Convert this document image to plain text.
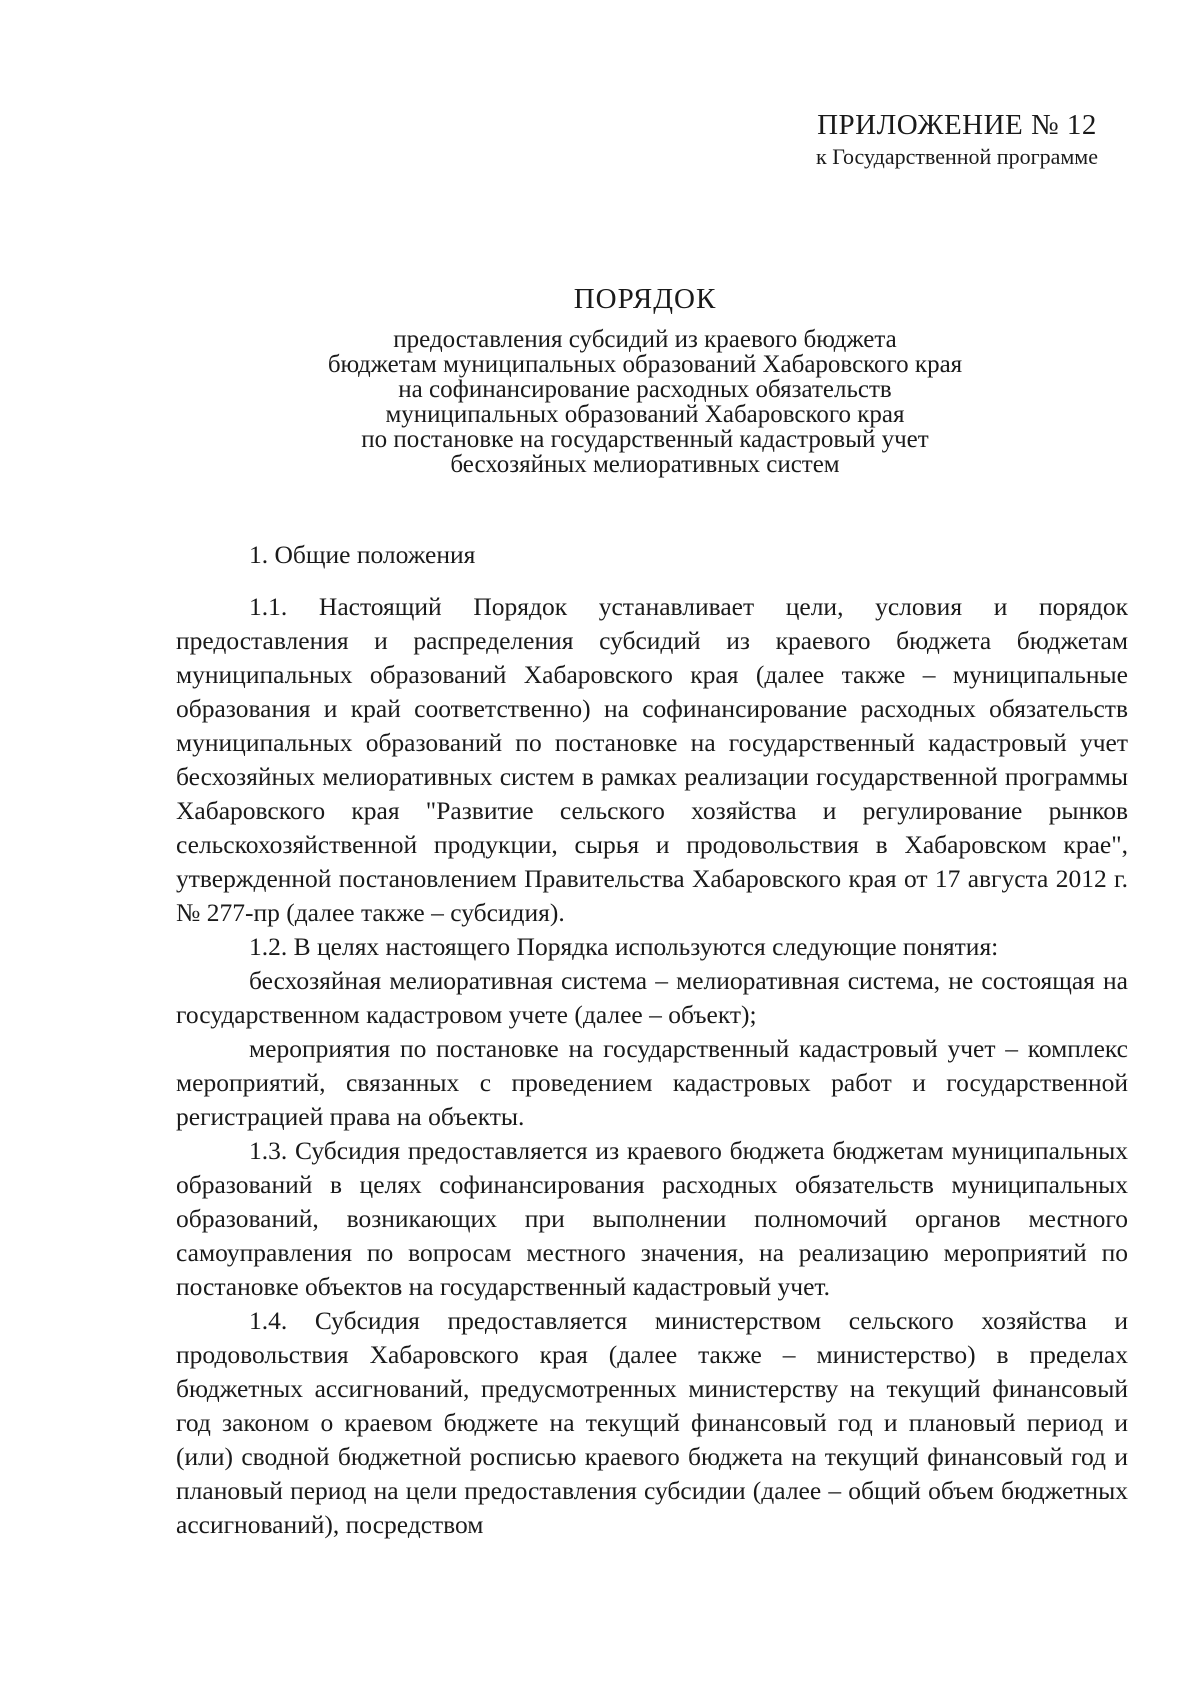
ПРИЛОЖЕНИЕ № 12
к Государственной программе
ПОРЯДОК
предоставления субсидий из краевого бюджета
бюджетам муниципальных образований Хабаровского края
на софинансирование расходных обязательств
муниципальных образований Хабаровского края
по постановке на государственный кадастровый учет
бесхозяйных мелиоративных систем
1. Общие положения

1.1. Настоящий Порядок устанавливает цели, условия и порядок предоставления и распределения субсидий из краевого бюджета бюджетам муниципальных образований Хабаровского края (далее также – муниципальные образования и край соответственно) на софинансирование расходных обязательств муниципальных образований по постановке на государственный кадастровый учет бесхозяйных мелиоративных систем в рамках реализации государственной программы Хабаровского края "Развитие сельского хозяйства и регулирование рынков сельскохозяйственной продукции, сырья и продовольствия в Хабаровском крае", утвержденной постановлением Правительства Хабаровского края от 17 августа 2012 г. № 277-пр (далее также – субсидия).

1.2. В целях настоящего Порядка используются следующие понятия:

бесхозяйная мелиоративная система – мелиоративная система, не состоящая на государственном кадастровом учете (далее – объект);

мероприятия по постановке на государственный кадастровый учет – комплекс мероприятий, связанных с проведением кадастровых работ и государственной регистрацией права на объекты.

1.3. Субсидия предоставляется из краевого бюджета бюджетам муниципальных образований в целях софинансирования расходных обязательств муниципальных образований, возникающих при выполнении полномочий органов местного самоуправления по вопросам местного значения, на реализацию мероприятий по постановке объектов на государственный кадастровый учет.

1.4. Субсидия предоставляется министерством сельского хозяйства и продовольствия Хабаровского края (далее также – министерство) в пределах бюджетных ассигнований, предусмотренных министерству на текущий финансовый год законом о краевом бюджете на текущий финансовый год и плановый период и (или) сводной бюджетной росписью краевого бюджета на текущий финансовый год и плановый период на цели предоставления субсидии (далее – общий объем бюджетных ассигнований), посредством
